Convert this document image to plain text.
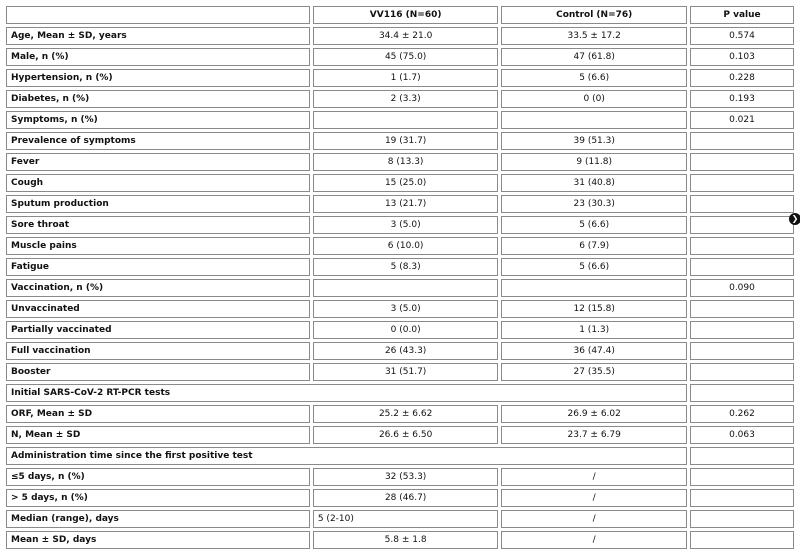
	VV116 (N=60)	Control (N=76)	P value
Age, Mean ± SD, years	34.4 ± 21.0	33.5 ± 17.2	0.574
Male, n (%)	45 (75.0)	47 (61.8)	0.103
Hypertension, n (%)	1 (1.7)	5 (6.6)	0.228
Diabetes, n (%)	2 (3.3)	0 (0)	0.193
Symptoms, n (%)			0.021
Prevalence of symptoms	19 (31.7)	39 (51.3)	
Fever	8 (13.3)	9 (11.8)	
Cough	15 (25.0)	31 (40.8)	
Sputum production	13 (21.7)	23 (30.3)	
Sore throat	3 (5.0)	5 (6.6)	
Muscle pains	6 (10.0)	6 (7.9)	
Fatigue	5 (8.3)	5 (6.6)	
Vaccination, n (%)			0.090
Unvaccinated	3 (5.0)	12 (15.8)	
Partially vaccinated	0 (0.0)	1 (1.3)	
Full vaccination	26 (43.3)	36 (47.4)	
Booster	31 (51.7)	27 (35.5)	
Initial SARS-CoV-2 RT-PCR tests			
ORF, Mean ± SD	25.2 ± 6.62	26.9 ± 6.02	0.262
N, Mean ± SD	26.6 ± 6.50	23.7 ± 6.79	0.063
Administration time since the first positive test			
≤5 days, n (%)	32 (53.3)	/	
> 5 days, n (%)	28 (46.7)	/	
Median (range), days	5 (2-10)	/	
Mean ± SD, days	5.8 ± 1.8	/	
❯
